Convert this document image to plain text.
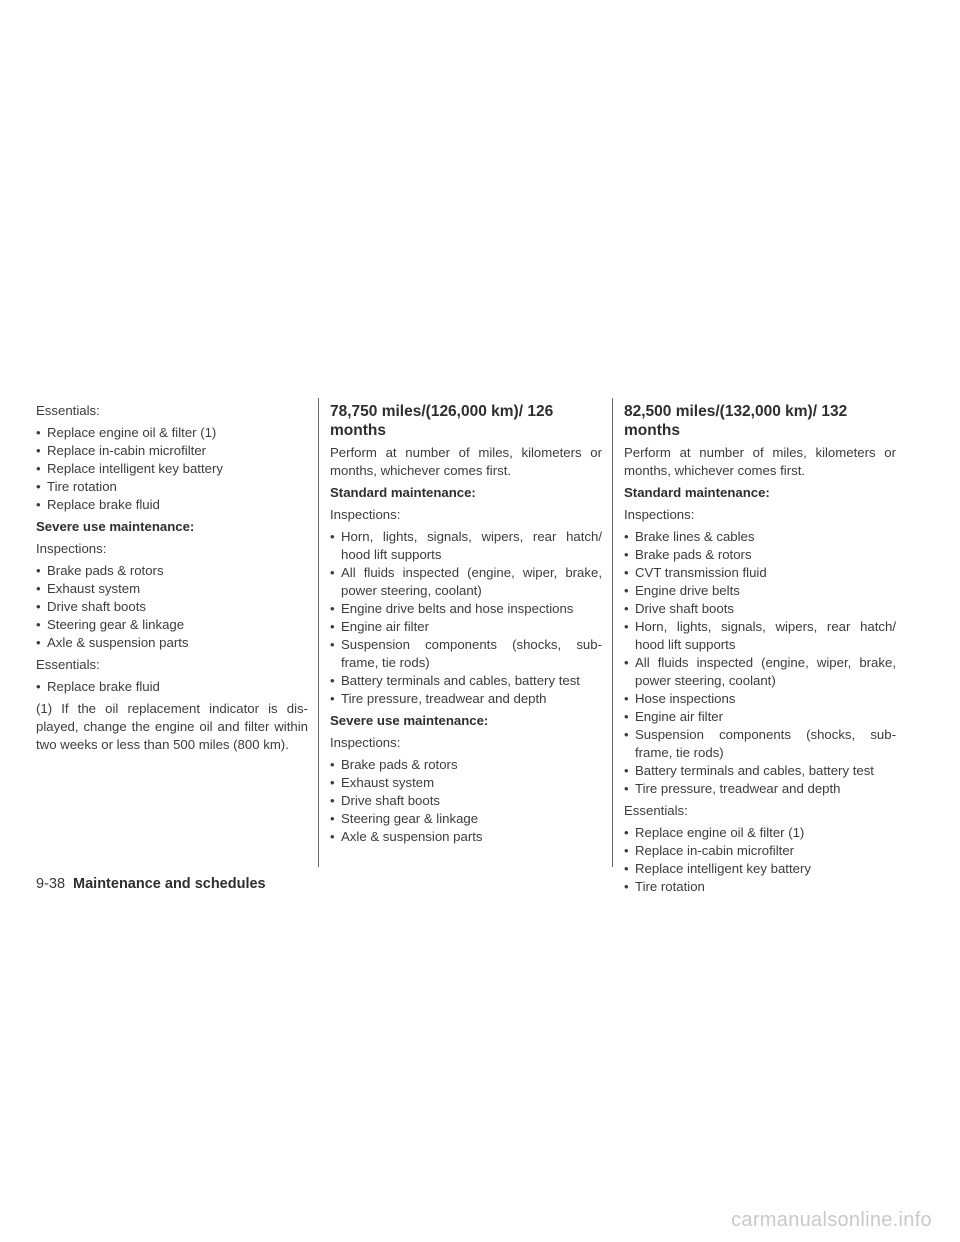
Essentials:

• Replace engine oil & filter (1)
• Replace in-cabin microfilter
• Replace intelligent key battery
• Tire rotation
• Replace brake fluid

Severe use maintenance:

Inspections:

• Brake pads & rotors
• Exhaust system
• Drive shaft boots
• Steering gear & linkage
• Axle & suspension parts

Essentials:

• Replace brake fluid

(1) If the oil replacement indicator is dis-played, change the engine oil and filter within two weeks or less than 500 miles (800 km).

78,750 miles/(126,000 km)/ 126 months

Perform at number of miles, kilometers or months, whichever comes first.

Standard maintenance:

Inspections:

• Horn, lights, signals, wipers, rear hatch/ hood lift supports
• All fluids inspected (engine, wiper, brake, power steering, coolant)
• Engine drive belts and hose inspections
• Engine air filter
• Suspension components (shocks, sub-frame, tie rods)
• Battery terminals and cables, battery test
• Tire pressure, treadwear and depth

Severe use maintenance:

Inspections:

• Brake pads & rotors
• Exhaust system
• Drive shaft boots
• Steering gear & linkage
• Axle & suspension parts
82,500 miles/(132,000 km)/ 132 months

Perform at number of miles, kilometers or months, whichever comes first.

Standard maintenance:

Inspections:

• Brake lines & cables
• Brake pads & rotors
• CVT transmission fluid
• Engine drive belts
• Drive shaft boots
• Horn, lights, signals, wipers, rear hatch/ hood lift supports
• All fluids inspected (engine, wiper, brake, power steering, coolant)
• Hose inspections
• Engine air filter
• Suspension components (shocks, sub-frame, tie rods)
• Battery terminals and cables, battery test
• Tire pressure, treadwear and depth

Essentials:

• Replace engine oil & filter (1)
• Replace in-cabin microfilter
• Replace intelligent key battery
• Tire rotation
9-38 Maintenance and schedules
carmanualsonline.info
